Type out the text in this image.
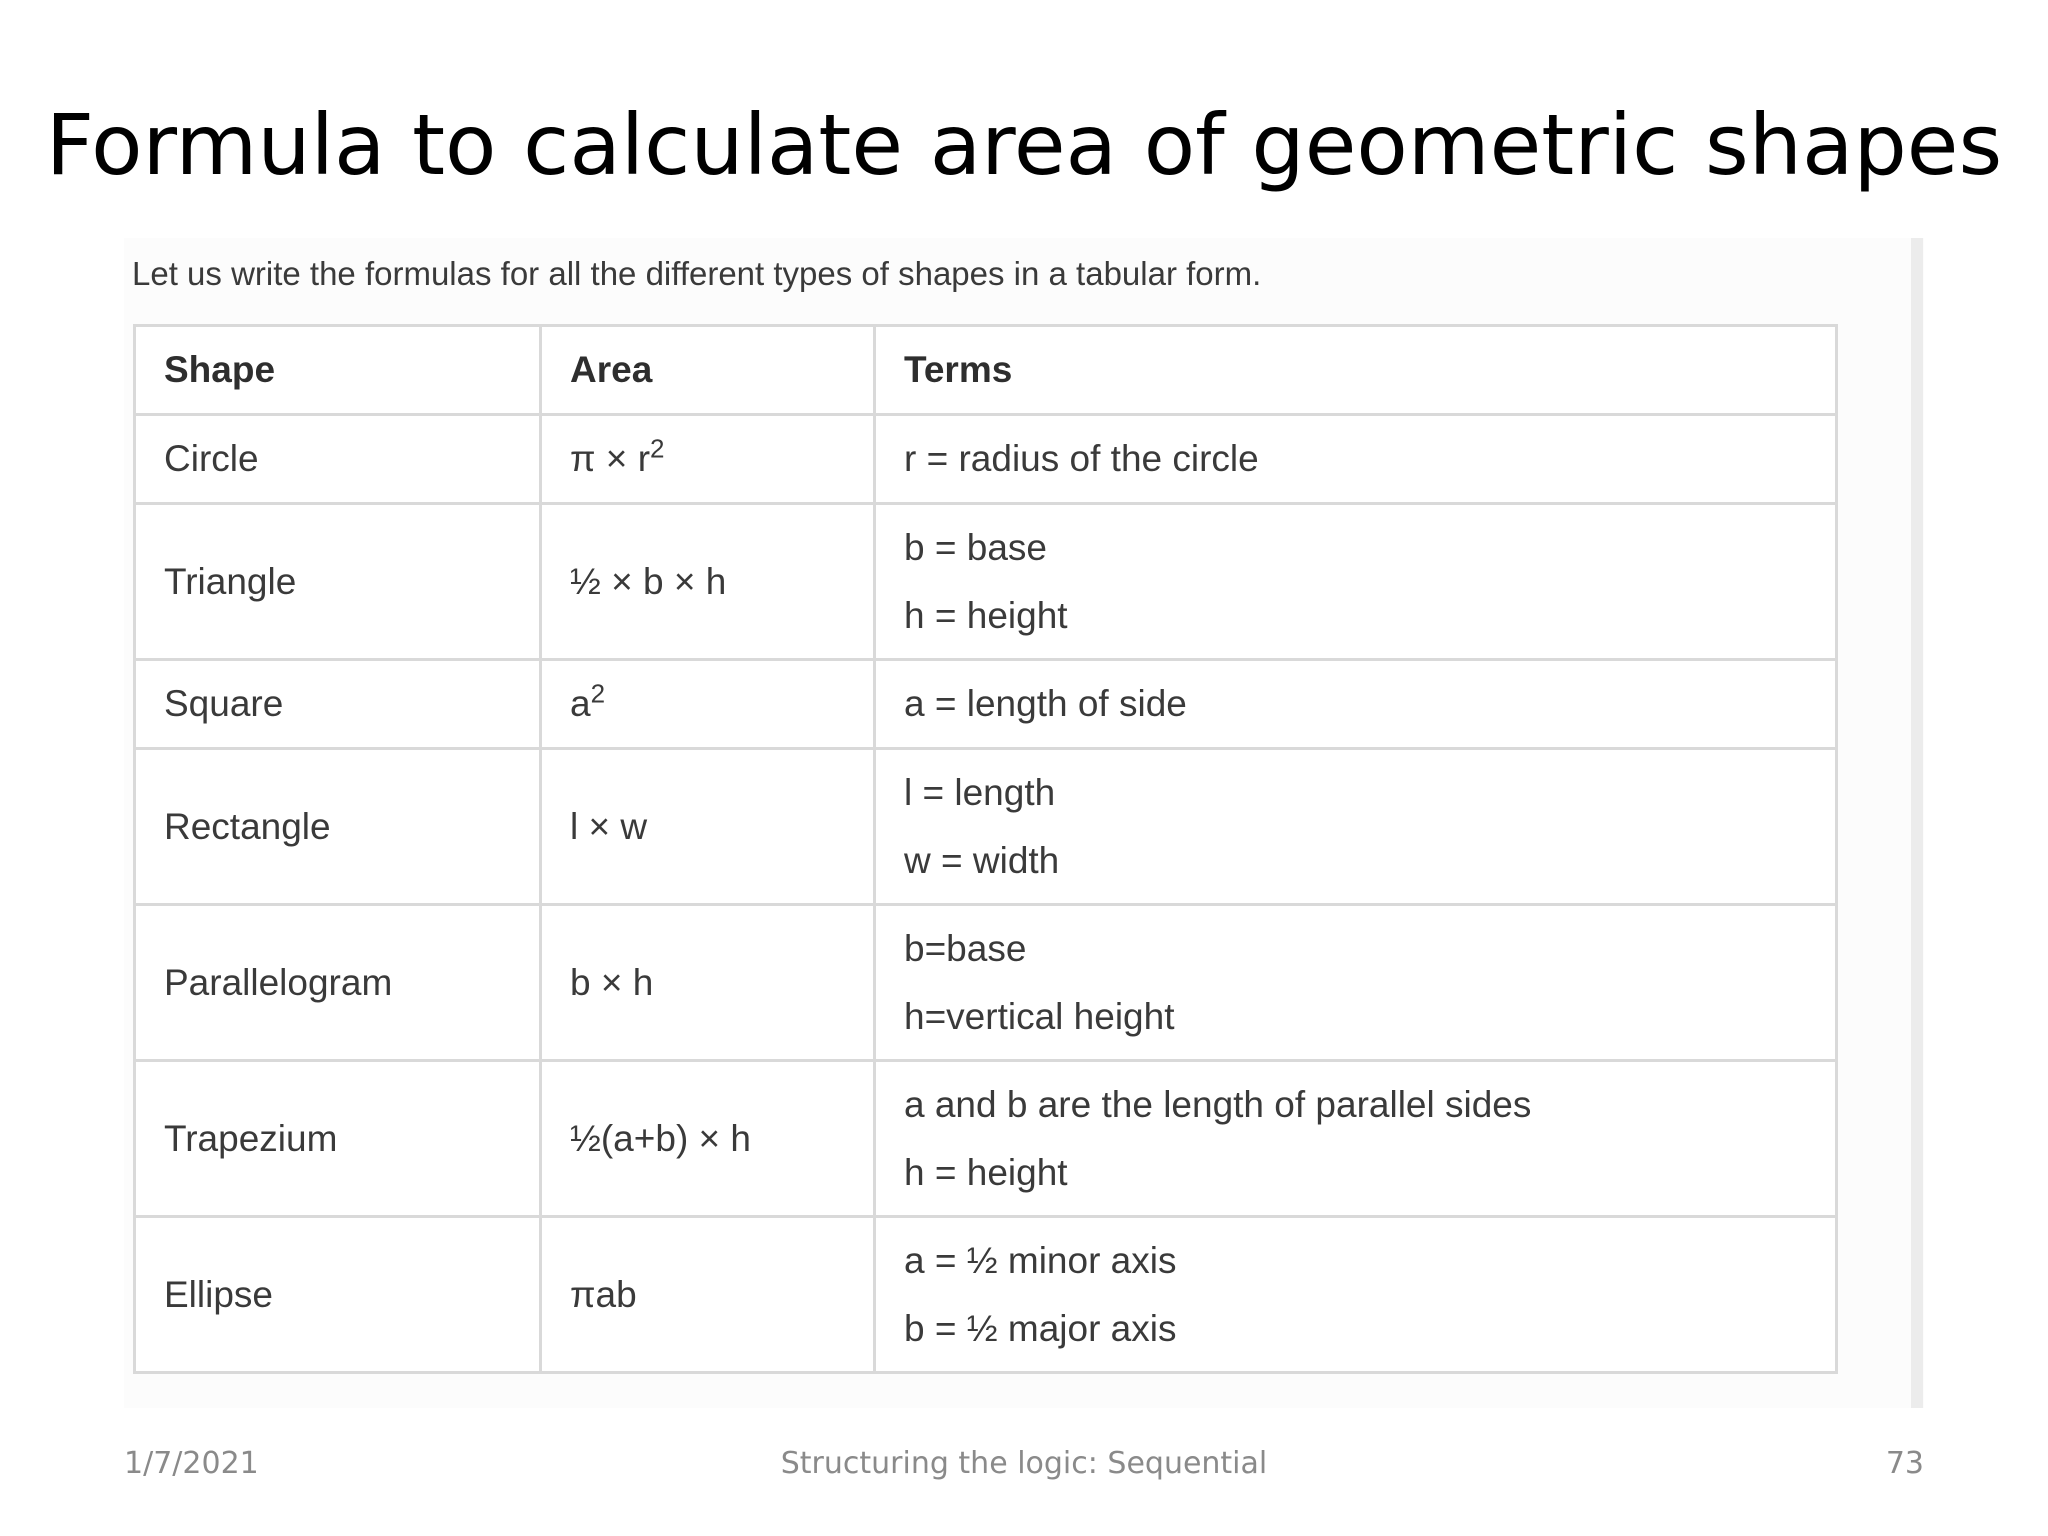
Formula to calculate area of geometric shapes
Let us write the formulas for all the different types of shapes in a tabular form.
Shape	Area	Terms
Circle	$\pi \times r^2$	r = radius of the circle

Triangle	½ × b × h	b = base
h = height

Square	$a^2$	a = length of side

Rectangle	l × w	l = length
w = width

Parallelogram	b × h	b=base
h=vertical height

Trapezium	½(a+b) × h	a and b are the length of parallel sides
h = height

Ellipse	πab	a = ½ minor axis
b = ½ major axis
1/7/2021	Structuring the logic: Sequential	73
